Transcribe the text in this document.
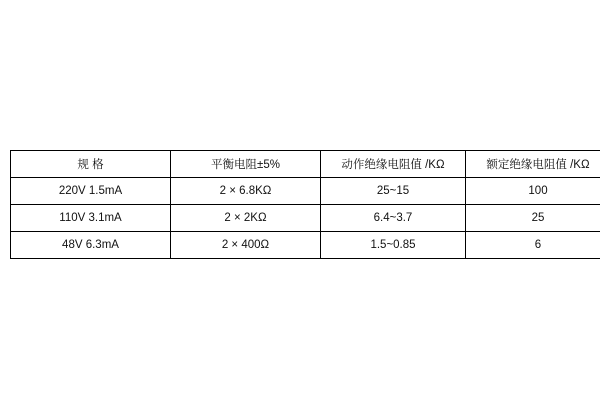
规 格	平衡电阻±5%	动作绝缘电阻值 /KΩ	额定绝缘电阻值 /KΩ
220V 1.5mA	2 × 6.8KΩ	25~15	100
110V 3.1mA	2 × 2KΩ	6.4~3.7	25
48V 6.3mA	2 × 400Ω	1.5~0.85	6
